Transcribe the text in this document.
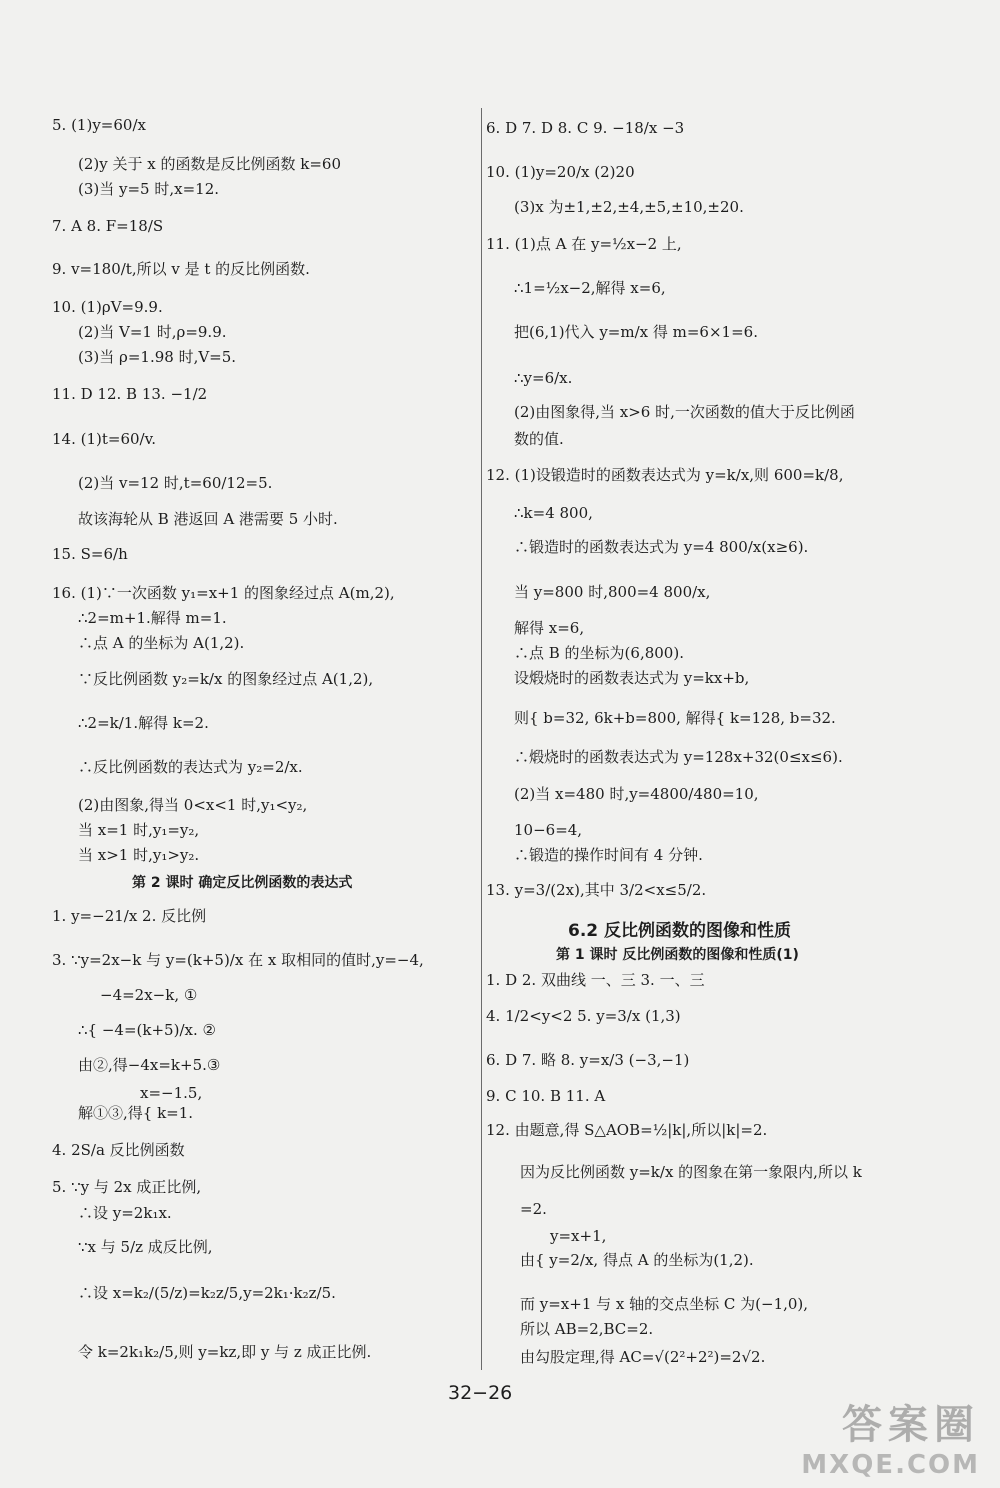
5. (1)y=60/x
(2)y 关于 x 的函数是反比例函数 k=60
(3)当 y=5 时,x=12.
7. A 8. F=18/S
9. v=180/t,所以 v 是 t 的反比例函数.
10. (1)ρV=9.9.
(2)当 V=1 时,ρ=9.9.
(3)当 ρ=1.98 时,V=5.
11. D 12. B 13. −1/2
14. (1)t=60/v.
(2)当 v=12 时,t=60/12=5.
故该海轮从 B 港返回 A 港需要 5 小时.
15. S=6/h
16. (1)∵一次函数 y₁=x+1 的图象经过点 A(m,2),
∴2=m+1.解得 m=1.
∴点 A 的坐标为 A(1,2).
∵反比例函数 y₂=k/x 的图象经过点 A(1,2),
∴2=k/1.解得 k=2.
∴反比例函数的表达式为 y₂=2/x.
(2)由图象,得当 0<x<1 时,y₁<y₂,
当 x=1 时,y₁=y₂,
当 x>1 时,y₁>y₂.
第 2 课时 确定反比例函数的表达式
1. y=−21/x 2. 反比例
3. ∵y=2x−k 与 y=(k+5)/x 在 x 取相同的值时,y=−4,
−4=2x−k, ①
∴{ −4=(k+5)/x. ②
由②,得−4x=k+5.③
x=−1.5,
解①③,得{ k=1.
4. 2S/a 反比例函数
5. ∵y 与 2x 成正比例,
∴设 y=2k₁x.
∵x 与 5/z 成反比例,
∴设 x=k₂/(5/z)=k₂z/5,y=2k₁·k₂z/5.
令 k=2k₁k₂/5,则 y=kz,即 y 与 z 成正比例.
6. D 7. D 8. C 9. −18/x −3
10. (1)y=20/x (2)20
(3)x 为±1,±2,±4,±5,±10,±20.
11. (1)点 A 在 y=½x−2 上,
∴1=½x−2,解得 x=6,
把(6,1)代入 y=m/x 得 m=6×1=6.
∴y=6/x.
(2)由图象得,当 x>6 时,一次函数的值大于反比例函
数的值.
12. (1)设锻造时的函数表达式为 y=k/x,则 600=k/8,
∴k=4 800,
∴锻造时的函数表达式为 y=4 800/x(x≥6).
当 y=800 时,800=4 800/x,
解得 x=6,
∴点 B 的坐标为(6,800).
设煅烧时的函数表达式为 y=kx+b,
则{ b=32, 6k+b=800, 解得{ k=128, b=32.
∴煅烧时的函数表达式为 y=128x+32(0≤x≤6).
(2)当 x=480 时,y=4800/480=10,
10−6=4,
∴锻造的操作时间有 4 分钟.
13. y=3/(2x),其中 3/2<x≤5/2.
6.2 反比例函数的图像和性质
第 1 课时 反比例函数的图像和性质(1)
1. D 2. 双曲线 一、三 3. 一、三
4. 1/2<y<2 5. y=3/x (1,3)
6. D 7. 略 8. y=x/3 (−3,−1)
9. C 10. B 11. A
12. 由题意,得 S△AOB=½|k|,所以|k|=2.
因为反比例函数 y=k/x 的图象在第一象限内,所以 k
=2.
y=x+1,
由{ y=2/x, 得点 A 的坐标为(1,2).
而 y=x+1 与 x 轴的交点坐标 C 为(−1,0),
所以 AB=2,BC=2.
由勾股定理,得 AC=√(2²+2²)=2√2.
32−26
答案圈
MXQE.COM
